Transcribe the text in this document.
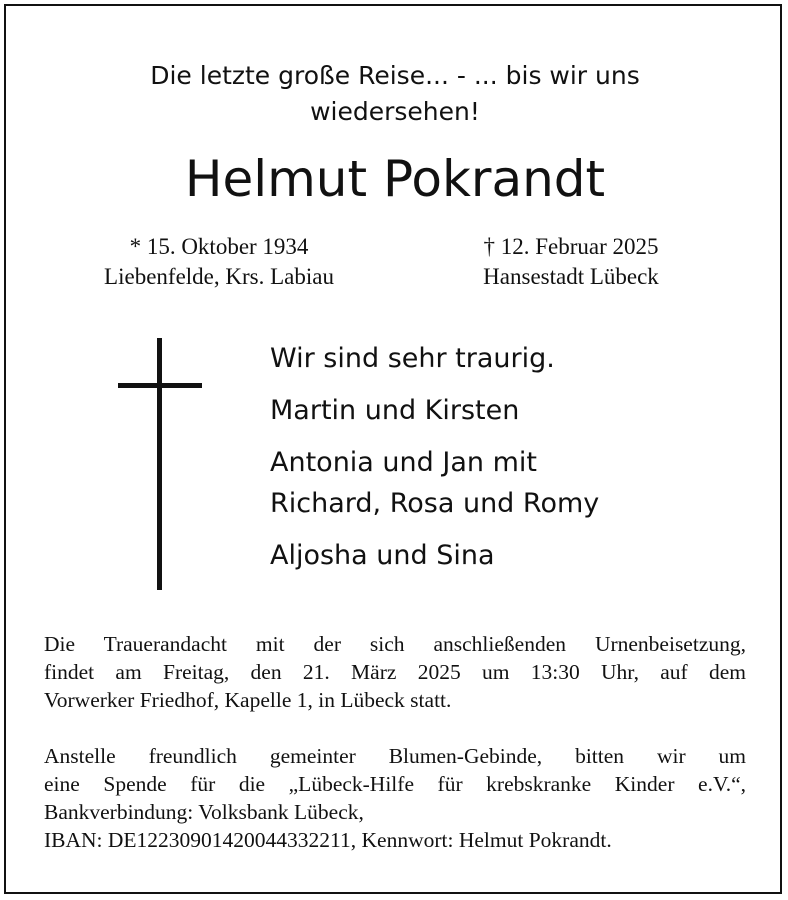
Die letzte große Reise... - ... bis wir uns
wiedersehen!
Helmut Pokrandt
* 15. Oktober 1934
Liebenfelde, Krs. Labiau
† 12. Februar 2025
Hansestadt Lübeck
Wir sind sehr traurig.
Martin und Kirsten
Antonia und Jan mit
Richard, Rosa und Romy
Aljosha und Sina
Die Trauerandacht mit der sich anschließenden Urnenbeisetzung,
findet am Freitag, den 21. März 2025 um 13:30 Uhr, auf dem
Vorwerker Friedhof, Kapelle 1, in Lübeck statt.
Anstelle freundlich gemeinter Blumen-Gebinde, bitten wir um
eine Spende für die „Lübeck-Hilfe für krebskranke Kinder e.V.“,
Bankverbindung: Volksbank Lübeck,
IBAN: DE12230901420044332211, Kennwort: Helmut Pokrandt.
